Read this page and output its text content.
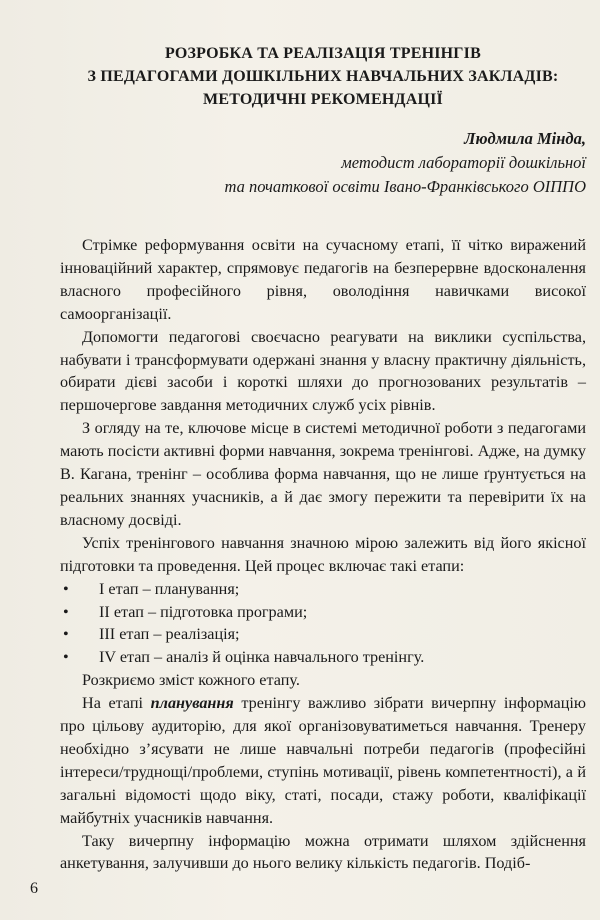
РОЗРОБКА ТА РЕАЛІЗАЦІЯ ТРЕНІНГІВ
З ПЕДАГОГАМИ ДОШКІЛЬНИХ НАВЧАЛЬНИХ ЗАКЛАДІВ:
МЕТОДИЧНІ РЕКОМЕНДАЦІЇ
Людмила Мінда,
методист лабораторії дошкільної
та початкової освіти Івано-Франківського ОІППО

Стрімке реформування освіти на сучасному етапі, її чітко виражений інноваційний характер, спрямовує педагогів на безперервне вдосконалення власного професійного рівня, оволодіння навичками високої самоорганізації.

Допомогти педагогові своєчасно реагувати на виклики суспільства, набувати і трансформувати одержані знання у власну практичну діяльність, обирати дієві засоби і короткі шляхи до прогнозованих результатів – першочергове завдання методичних служб усіх рівнів.

З огляду на те, ключове місце в системі методичної роботи з педагогами мають посісти активні форми навчання, зокрема тренінгові. Адже, на думку В. Кагана, тренінг – особлива форма навчання, що не лише ґрунтується на реальних знаннях учасників, а й дає змогу пережити та перевірити їх на власному досвіді.

Успіх тренінгового навчання значною мірою залежить від його якісної підготовки та проведення. Цей процес включає такі етапи:

• І етап – планування;
• ІІ етап – підготовка програми;
• ІІІ етап – реалізація;
• IV етап – аналіз й оцінка навчального тренінгу.

Розкриємо зміст кожного етапу.

На етапі планування тренінгу важливо зібрати вичерпну інформацію про цільову аудиторію, для якої організовуватиметься навчання. Тренеру необхідно з’ясувати не лише навчальні потреби педагогів (професійні інтереси/труднощі/проблеми, ступінь мотивації, рівень компетентності), а й загальні відомості щодо віку, статі, посади, стажу роботи, кваліфікації майбутніх учасників навчання.

Таку вичерпну інформацію можна отримати шляхом здійснення анкетування, залучивши до нього велику кількість педагогів. Подіб-

6
